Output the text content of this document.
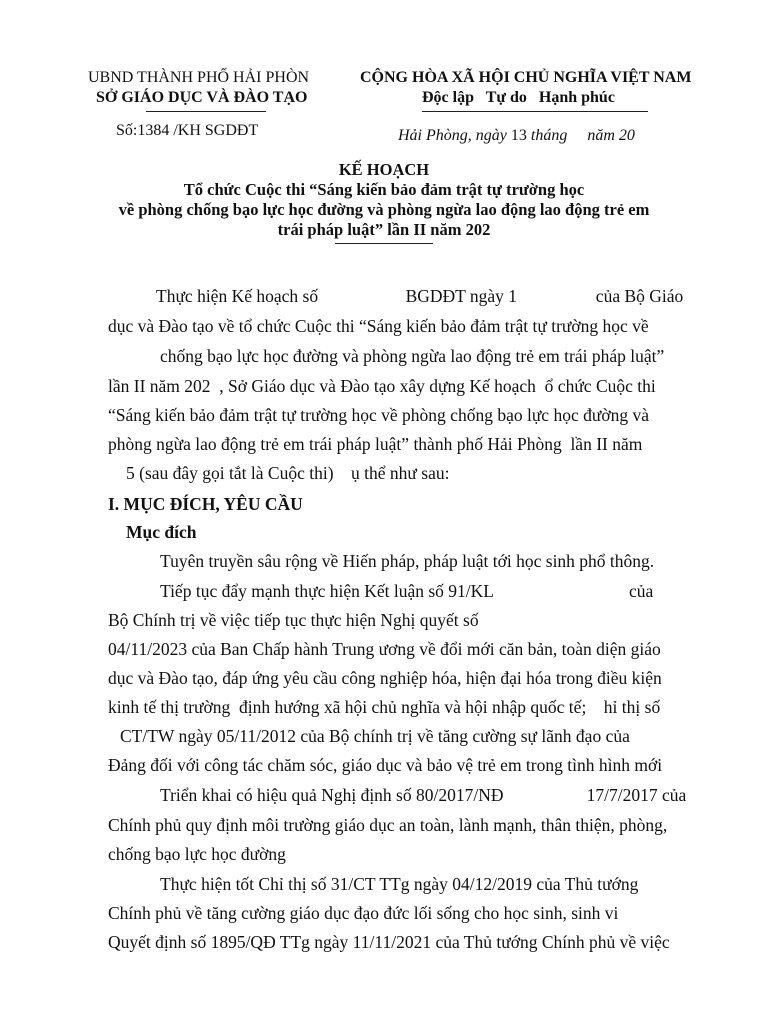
UBND THÀNH PHỐ HẢI PHÒN
SỞ GIÁO DỤC VÀ ĐÀO TẠO
Số:1384 /KH SGDĐT
CỘNG HÒA XÃ HỘI CHỦ NGHĨA VIỆT NAM
Độc lập   Tự do   Hạnh phúc
Hải Phòng, ngày 13 tháng     năm 20
KẾ HOẠCH
Tổ chức Cuộc thi “Sáng kiến bảo đảm trật tự trường học
về phòng chống bạo lực học đường và phòng ngừa lao động lao động trẻ em
trái pháp luật” lần II năm 202
Thực hiện Kế hoạch số                    BGDĐT ngày 1                  của Bộ Giáo
dục và Đào tạo về tổ chức Cuộc thi “Sáng kiến bảo đảm trật tự trường học về
chống bạo lực học đường và phòng ngừa lao động trẻ em trái pháp luật”
lần II năm 202  , Sở Giáo dục và Đào tạo xây dựng Kế hoạch  ổ chức Cuộc thi
“Sáng kiến bảo đảm trật tự trường học về phòng chống bạo lực học đường và
phòng ngừa lao động trẻ em trái pháp luật” thành phố Hải Phòng  lần II năm
5 (sau đây gọi tắt là Cuộc thi)    ụ thể như sau:
I. MỤC ĐÍCH, YÊU CẦU
Mục đích
Tuyên truyền sâu rộng về Hiến pháp, pháp luật tới học sinh phổ thông.
Tiếp tục đẩy mạnh thực hiện Kết luận số 91/KL                               của
Bộ Chính trị về việc tiếp tục thực hiện Nghị quyết số
04/11/2023 của Ban Chấp hành Trung ương về đổi mới căn bản, toàn diện giáo
dục và Đào tạo, đáp ứng yêu cầu công nghiệp hóa, hiện đại hóa trong điều kiện
kinh tế thị trường  định hướng xã hội chủ nghĩa và hội nhập quốc tế;    hỉ thị số
CT/TW ngày 05/11/2012 của Bộ chính trị về tăng cường sự lãnh đạo của
Đảng đối với công tác chăm sóc, giáo dục và bảo vệ trẻ em trong tình hình mới
Triển khai có hiệu quả Nghị định số 80/2017/NĐ                   17/7/2017 của
Chính phủ quy định môi trường giáo dục an toàn, lành mạnh, thân thiện, phòng,
chống bạo lực học đường
Thực hiện tốt Chỉ thị số 31/CT TTg ngày 04/12/2019 của Thủ tướng
Chính phủ về tăng cường giáo dục đạo đức lối sống cho học sinh, sinh vi
Quyết định số 1895/QĐ TTg ngày 11/11/2021 của Thủ tướng Chính phủ về việc
